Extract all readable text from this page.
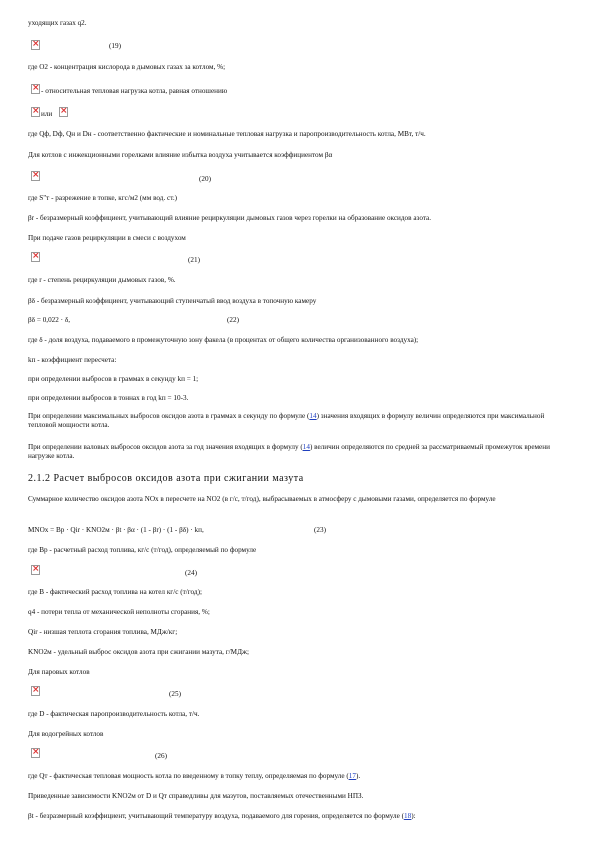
уходящих газах q2.
×
(19)
где O2 - концентрация кислорода в дымовых газах за котлом, %;
×
- относительная тепловая нагрузка котла, равная отношению
×
или
×
где Qф, Dф, Qн и Dн - соответственно фактические и номинальные тепловая нагрузка и паропроизводительность котла, МВт, т/ч.
Для котлов с инжекционными горелками влияние избытка воздуха учитывается коэффициентом βα
×
(20)
где S"т - разрежение в топке, кгс/м2 (мм вод. ст.)
βr - безразмерный коэффициент, учитывающий влияние рециркуляции дымовых газов через горелки на образование оксидов азота.
При подаче газов рециркуляции в смеси с воздухом
×
(21)
где r - степень рециркуляции дымовых газов, %.
βδ - безразмерный коэффициент, учитывающий ступенчатый ввод воздуха в топочную камеру
βδ = 0,022 · δ,	(22)
где δ - доля воздуха, подаваемого в промежуточную зону факела (в процентах от общего количества организованного воздуха);
kп - коэффициент пересчета:
при определении выбросов в граммах в секунду kп = 1;
при определении выбросов в тоннах в год kп = 10-3.
При определении максимальных выбросов оксидов азота в граммах в секунду по формуле (14) значения входящих в формулу величин определяются при максимальной тепловой мощности котла.
При определении валовых выбросов оксидов азота за год значения входящих в формулу (14) величин определяются по средней за рассматриваемый промежуток времени нагрузке котла.
2.1.2 Расчет выбросов оксидов азота при сжигании мазута
Суммарное количество оксидов азота NOx в пересчете на NO2 (в г/с, т/год), выбрасываемых в атмосферу с дымовыми газами, определяется по формуле
MNOx = Bp · Qir · KNO2м · βt · βα · (1 - βr) · (1 - βδ) · kп,	(23)
где Bp - расчетный расход топлива, кг/с (т/год), определяемый по формуле
×
(24)
где В - фактический расход топлива на котел кг/с (т/год);
q4 - потери тепла от механической неполноты сгорания, %;
Qir - низшая теплота сгорания топлива, МДж/кг;
KNO2м - удельный выброс оксидов азота при сжигании мазута, г/МДж;
Для паровых котлов
×
(25)
где D - фактическая паропроизводительность котла, т/ч.
Для водогрейных котлов
×
(26)
где Qт - фактическая тепловая мощность котла по введенному в топку теплу, определяемая по формуле (17).
Приведенные зависимости KNO2м от D и Qт справедливы для мазутов, поставляемых отечественными НПЗ.
βt - безразмерный коэффициент, учитывающий температуру воздуха, подаваемого для горения, определяется по формуле (18):
